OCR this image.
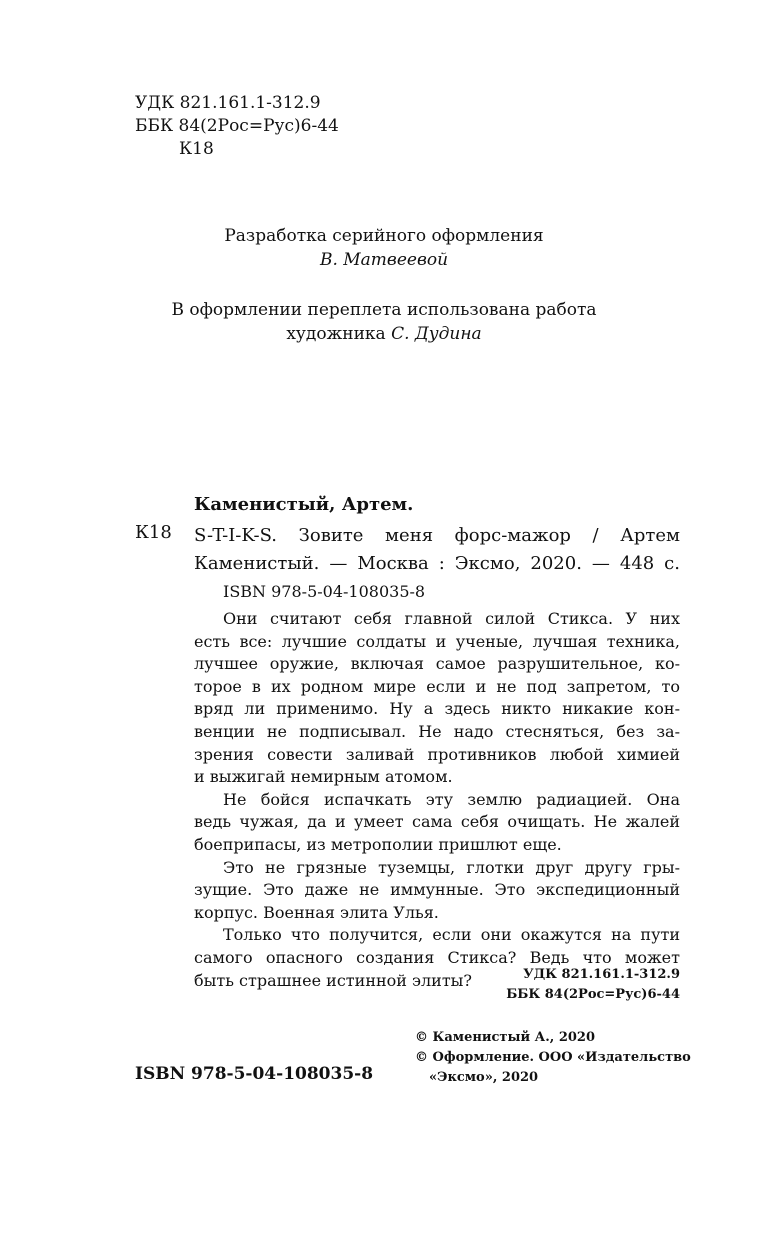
УДК 821.161.1-312.9
ББК 84(2Рос=Рус)6-44
К18
Разработка серийного оформления
В. Матвеевой
В оформлении переплета использована работа
художника С. Дудина
Каменистый, Артем.
К18 S-T-I-K-S. Зовите меня форс-мажор / Артем
Каменистый. — Москва : Эксмо, 2020. — 448 с.
ISBN 978-5-04-108035-8
Они считают себя главной силой Стикса. У них
есть все: лучшие солдаты и ученые, лучшая техника,
лучшее оружие, включая самое разрушительное, ко-
торое в их родном мире если и не под запретом, то
вряд ли применимо. Ну а здесь никто никакие кон-
венции не подписывал. Не надо стесняться, без за-
зрения совести заливай противников любой химией
и выжигай немирным атомом.
Не бойся испачкать эту землю радиацией. Она
ведь чужая, да и умеет сама себя очищать. Не жалей
боеприпасы, из метрополии пришлют еще.
Это не грязные туземцы, глотки друг другу гры-
зущие. Это даже не иммунные. Это экспедиционный
корпус. Военная элита Улья.
Только что получится, если они окажутся на пути
самого опасного создания Стикса? Ведь что может
быть страшнее истинной элиты?	УДК 821.161.1-312.9
ББК 84(2Рос=Рус)6-44
© Каменистый А., 2020
© Оформление. ООО «Издательство
«Эксмо», 2020
ISBN 978-5-04-108035-8
